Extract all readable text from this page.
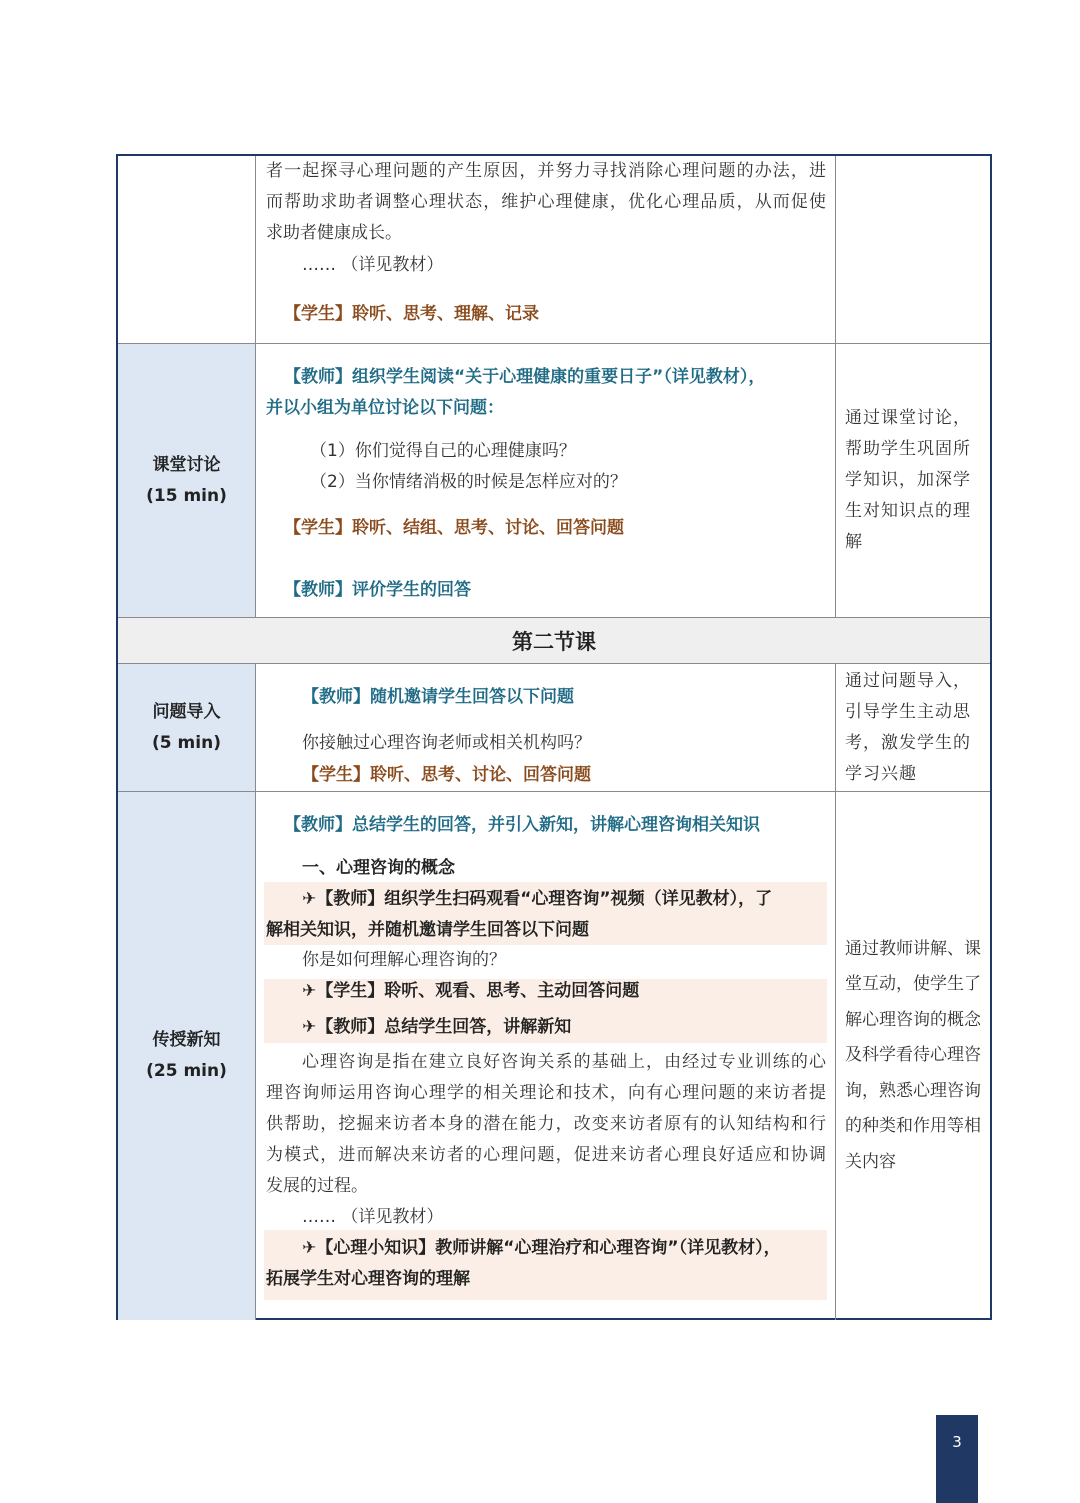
者一起探寻心理问题的产生原因，并努力寻找消除心理问题的办法，进
而帮助求助者调整心理状态，维护心理健康，优化心理品质，从而促使
求助者健康成长。
…… （详见教材）
【学生】聆听、思考、理解、记录
课堂讨论
(15 min)
【教师】组织学生阅读“关于心理健康的重要日子”（详见教材），
并以小组为单位讨论以下问题：
（1）你们觉得自己的心理健康吗？
（2）当你情绪消极的时候是怎样应对的？
【学生】聆听、结组、思考、讨论、回答问题
【教师】评价学生的回答
通过课堂讨论，帮助学生巩固所学知识，加深学生对知识点的理解
第二节课
问题导入
(5 min)
【教师】随机邀请学生回答以下问题
你接触过心理咨询老师或相关机构吗？
【学生】聆听、思考、讨论、回答问题
通过问题导入，引导学生主动思考，激发学生的学习兴趣
传授新知
(25 min)
【教师】总结学生的回答，并引入新知，讲解心理咨询相关知识
一、心理咨询的概念
✈【教师】组织学生扫码观看“心理咨询”视频（详见教材），了
解相关知识，并随机邀请学生回答以下问题
你是如何理解心理咨询的？
✈【学生】聆听、观看、思考、主动回答问题
✈【教师】总结学生回答，讲解新知
心理咨询是指在建立良好咨询关系的基础上，由经过专业训练的心
理咨询师运用咨询心理学的相关理论和技术，向有心理问题的来访者提
供帮助，挖掘来访者本身的潜在能力，改变来访者原有的认知结构和行
为模式，进而解决来访者的心理问题，促进来访者心理良好适应和协调
发展的过程。
…… （详见教材）
✈【心理小知识】教师讲解“心理治疗和心理咨询”（详见教材），
拓展学生对心理咨询的理解
通过教师讲解、课堂互动，使学生了解心理咨询的概念及科学看待心理咨询，熟悉心理咨询的种类和作用等相关内容
3
